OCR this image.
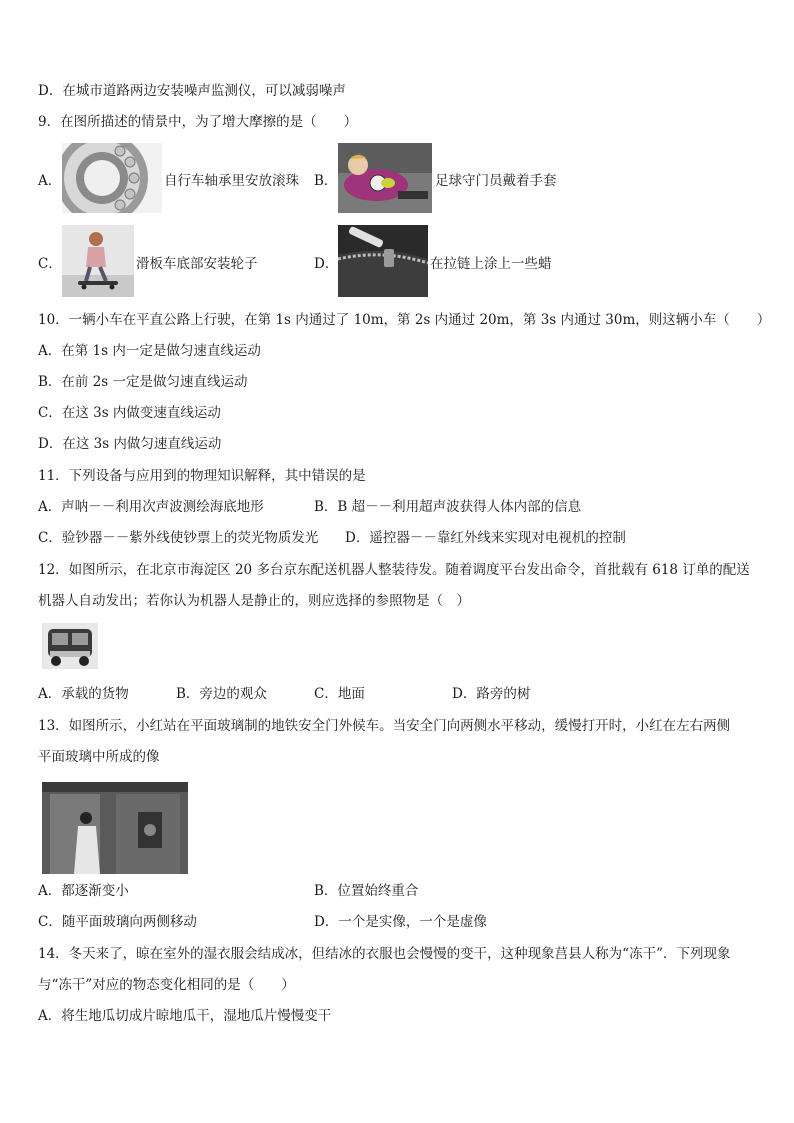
D．在城市道路两边安装噪声监测仪，可以减弱噪声
9．在图所描述的情景中，为了增大摩擦的是（　　）
A．	自行车轴承里安放滚珠 B．	足球守门员戴着手套
C．	滑板车底部安装轮子	D．	在拉链上涂上一些蜡
10．一辆小车在平直公路上行驶，在第 1s 内通过了 10m，第 2s 内通过 20m，第 3s 内通过 30m，则这辆小车（　　）
A．在第 1s 内一定是做匀速直线运动
B．在前 2s 一定是做匀速直线运动
C．在这 3s 内做变速直线运动
D．在这 3s 内做匀速直线运动
11．下列设备与应用到的物理知识解释，其中错误的是
A．声呐－－利用次声波测绘海底地形	B．B 超－－利用超声波获得人体内部的信息
C．验钞器－－紫外线使钞票上的荧光物质发光 D．遥控器－－靠红外线来实现对电视机的控制
12．如图所示，在北京市海淀区 20 多台京东配送机器人整装待发。随着调度平台发出命令，首批载有 618 订单的配送
机器人自动发出；若你认为机器人是静止的，则应选择的参照物是（　）
A．承载的货物	B．旁边的观众	C．地面	D．路旁的树
13．如图所示，小红站在平面玻璃制的地铁安全门外候车。当安全门向两侧水平移动，缓慢打开时，小红在左右两侧
平面玻璃中所成的像
A．都逐渐变小	B．位置始终重合
C．随平面玻璃向两侧移动	D．一个是实像，一个是虚像
14．冬天来了，晾在室外的湿衣服会结成冰，但结冰的衣服也会慢慢的变干，这种现象莒县人称为“冻干”．下列现象
与“冻干”对应的物态变化相同的是（　　）
A．将生地瓜切成片晾地瓜干，湿地瓜片慢慢变干
